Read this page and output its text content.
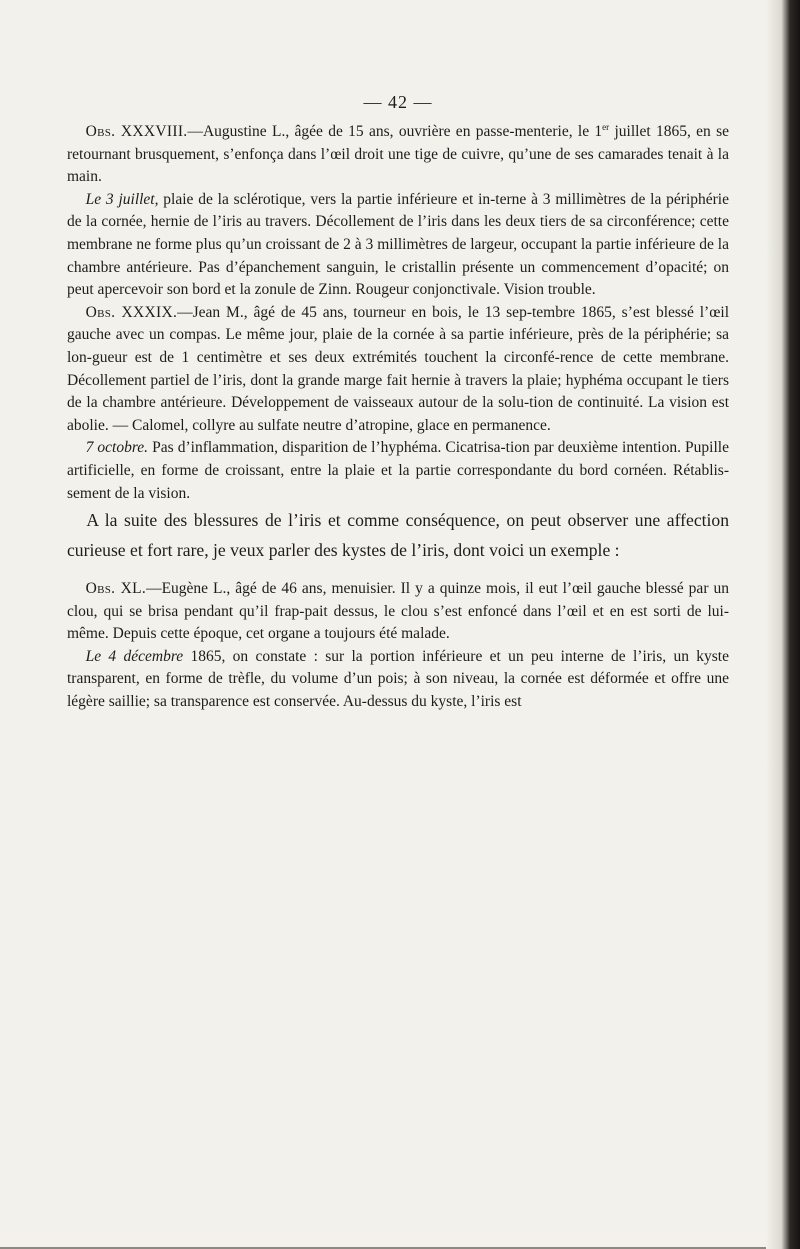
— 42 —

Obs. XXXVIII.—Augustine L., âgée de 15 ans, ouvrière en passe-menterie, le 1er juillet 1865, en se retournant brusquement, s’enfonça dans l’œil droit une tige de cuivre, qu’une de ses camarades tenait à la main.

Le 3 juillet, plaie de la sclérotique, vers la partie inférieure et in-terne à 3 millimètres de la périphérie de la cornée, hernie de l’iris au travers. Décollement de l’iris dans les deux tiers de sa circonférence; cette membrane ne forme plus qu’un croissant de 2 à 3 millimètres de largeur, occupant la partie inférieure de la chambre antérieure. Pas d’épanchement sanguin, le cristallin présente un commencement d’opacité; on peut apercevoir son bord et la zonule de Zinn. Rougeur conjonctivale. Vision trouble.

Obs. XXXIX.—Jean M., âgé de 45 ans, tourneur en bois, le 13 sep-tembre 1865, s’est blessé l’œil gauche avec un compas. Le même jour, plaie de la cornée à sa partie inférieure, près de la périphérie; sa lon-gueur est de 1 centimètre et ses deux extrémités touchent la circonfé-rence de cette membrane. Décollement partiel de l’iris, dont la grande marge fait hernie à travers la plaie; hyphéma occupant le tiers de la chambre antérieure. Développement de vaisseaux autour de la solu-tion de continuité. La vision est abolie. — Calomel, collyre au sulfate neutre d’atropine, glace en permanence.

7 octobre. Pas d’inflammation, disparition de l’hyphéma. Cicatrisa-tion par deuxième intention. Pupille artificielle, en forme de croissant, entre la plaie et la partie correspondante du bord cornéen. Rétablis-sement de la vision.

A la suite des blessures de l’iris et comme conséquence, on peut observer une affection curieuse et fort rare, je veux parler des kystes de l’iris, dont voici un exemple :

Obs. XL.—Eugène L., âgé de 46 ans, menuisier. Il y a quinze mois, il eut l’œil gauche blessé par un clou, qui se brisa pendant qu’il frap-pait dessus, le clou s’est enfoncé dans l’œil et en est sorti de lui-même. Depuis cette époque, cet organe a toujours été malade.

Le 4 décembre 1865, on constate : sur la portion inférieure et un peu interne de l’iris, un kyste transparent, en forme de trèfle, du volume d’un pois; à son niveau, la cornée est déformée et offre une légère saillie; sa transparence est conservée. Au-dessus du kyste, l’iris est
